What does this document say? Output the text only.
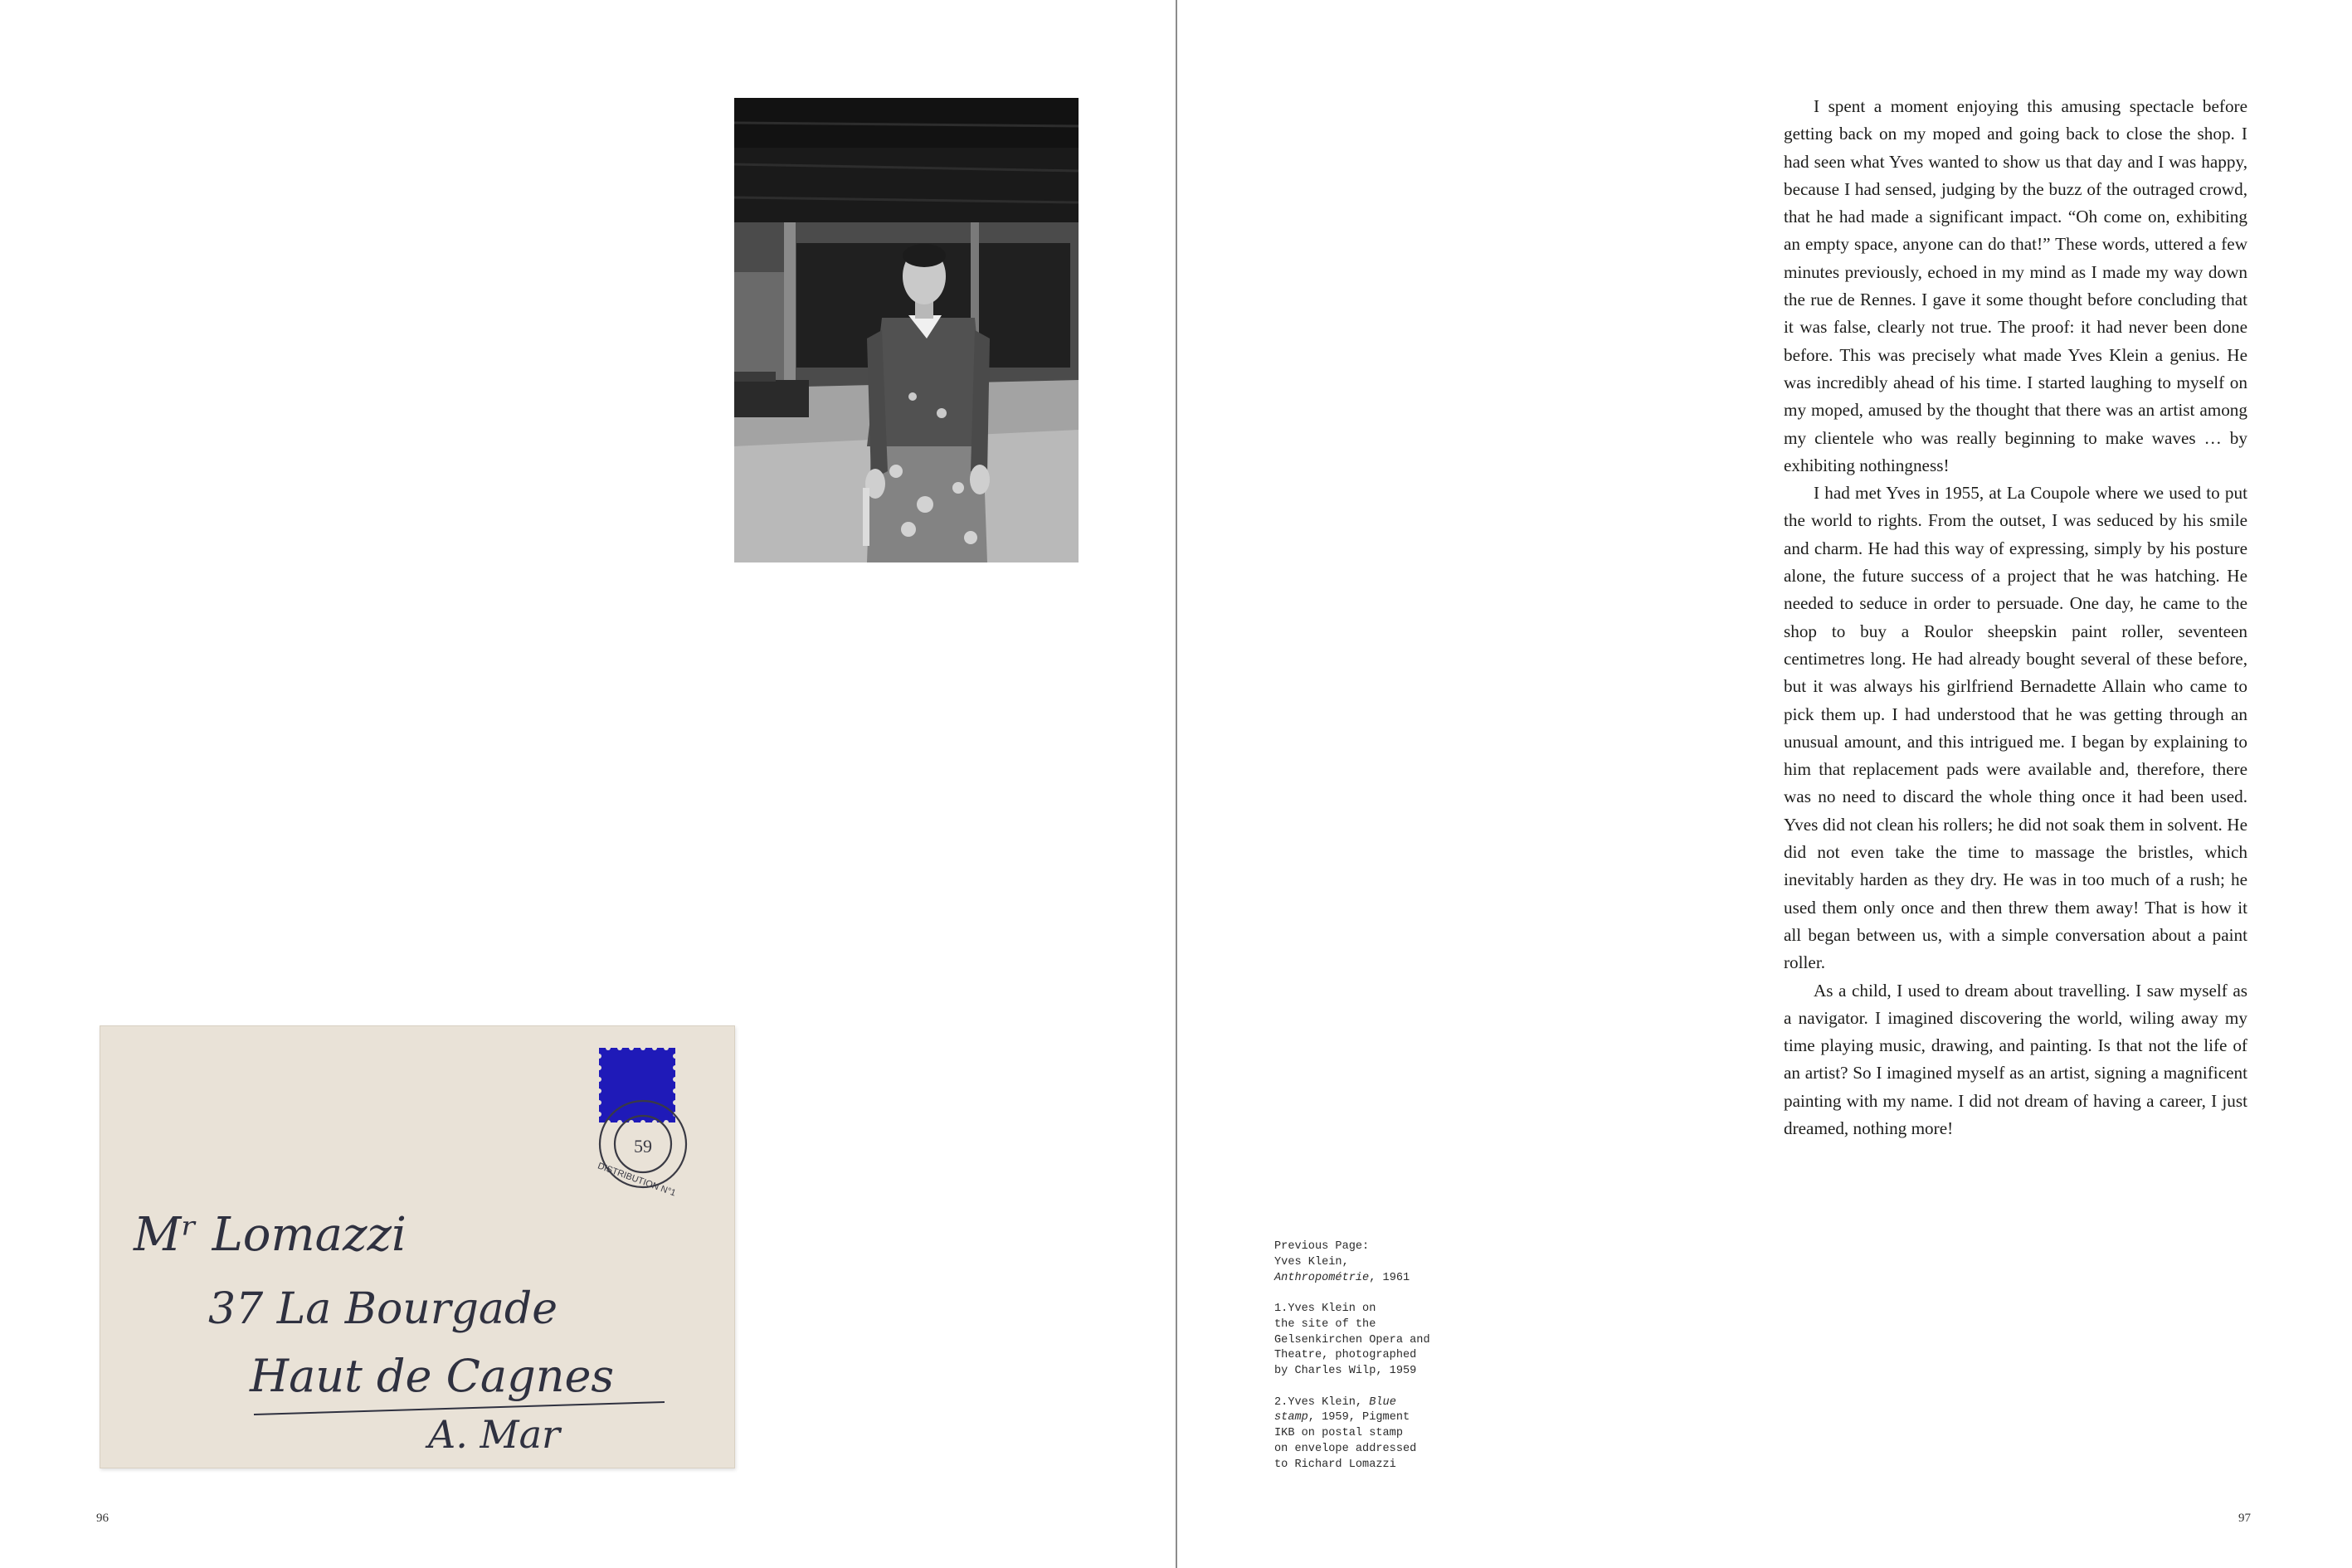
59
DISTRIBUTION N°1
Mʳ Lomazzi
37 La Bourgade
Haut de Cagnes
A. Mar
96

I spent a moment enjoying this amusing spectacle before getting back on my moped and going back to close the shop. I had seen what Yves wanted to show us that day and I was happy, because I had sensed, judging by the buzz of the outraged crowd, that he had made a significant impact. “Oh come on, exhibiting an empty space, anyone can do that!” These words, uttered a few minutes previously, echoed in my mind as I made my way down the rue de Rennes. I gave it some thought before concluding that it was false, clearly not true. The proof: it had never been done before. This was precisely what made Yves Klein a genius. He was incredibly ahead of his time. I started laughing to myself on my moped, amused by the thought that there was an artist among my clientele who was really beginning to make waves … by exhibiting nothingness!

I had met Yves in 1955, at La Coupole where we used to put the world to rights. From the outset, I was seduced by his smile and charm. He had this way of expressing, simply by his posture alone, the future success of a project that he was hatching. He needed to seduce in order to persuade. One day, he came to the shop to buy a Roulor sheepskin paint roller, seventeen centimetres long. He had already bought several of these before, but it was always his girlfriend Bernadette Allain who came to pick them up. I had understood that he was getting through an unusual amount, and this intrigued me. I began by explaining to him that replacement pads were available and, therefore, there was no need to discard the whole thing once it had been used. Yves did not clean his rollers; he did not soak them in solvent. He did not even take the time to massage the bristles, which inevitably harden as they dry. He was in too much of a rush; he used them only once and then threw them away! That is how it all began between us, with a simple conversation about a paint roller.

As a child, I used to dream about travelling. I saw myself as a navigator. I imagined discovering the world, wiling away my time playing music, drawing, and painting. Is that not the life of an artist? So I imagined myself as an artist, signing a magnificent painting with my name. I did not dream of having a career, I just dreamed, nothing more!

Previous Page:
Yves Klein,
Anthropométrie, 1961
1.Yves Klein on
the site of the
Gelsenkirchen Opera and
Theatre, photographed
by Charles Wilp, 1959
2.Yves Klein, Blue
stamp, 1959, Pigment
IKB on postal stamp
on envelope addressed
to Richard Lomazzi
97
